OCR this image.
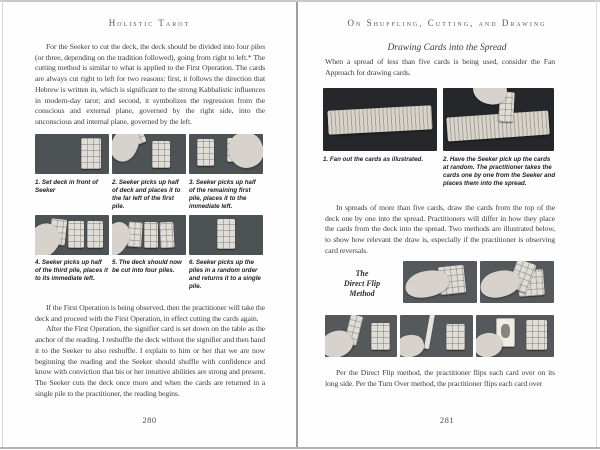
Holistic Tarot

For the Seeker to cut the deck, the deck should be divided into four piles (or three, depending on the tradition followed), going from right to left.* The cutting method is similar to what is applied to the First Operation. The cards are always cut right to left for two reasons: first, it follows the direction that Hebrew is written in, which is significant to the strong Kabbalistic influences in modern-day tarot; and second, it symbolizes the regression from the conscious and external plane, governed by the right side, into the unconscious and internal plane, governed by the left.

1. Set deck in front of Seeker
2. Seeker picks up half of deck and places it to the far left of the first pile.
3. Seeker picks up half of the remaining first pile, places it to the immediate left.
4. Seeker picks up half of the third pile, places it to its immediate left.
5. The deck should now be cut into four piles.
6. Seeker picks up the piles in a random order and returns it to a single pile.

If the First Operation is being observed, then the practitioner will take the deck and proceed with the First Operation, in effect cutting the cards again.

After the First Operation, the signifier card is set down on the table as the anchor of the reading. I reshuffle the deck without the signifier and then hand it to the Seeker to also reshuffle. I explain to him or her that we are now beginning the reading and the Seeker should shuffle with confidence and know with conviction that his or her intuitive abilities are strong and present. The Seeker cuts the deck once more and when the cards are returned in a single pile to the practitioner, the reading begins.

280
On Shuffling, Cutting, and Drawing
Drawing Cards into the Spread

When a spread of less than five cards is being used, consider the Fan Approach for drawing cards.

1. Fan out the cards as illustrated.	2. Have the Seeker pick up the cards at random. The practitioner takes the cards one by one from the Seeker and places them into the spread.

In spreads of more than five cards, draw the cards from the top of the deck one by one into the spread. Practitioners will differ in how they place the cards from the deck into the spread. Two methods are illustrated below, to show how relevant the draw is, especially if the practitioner is observing card reversals.

The
Direct Flip
Method

Per the Direct Flip method, the practitioner flips each card over on its long side. Per the Turn Over method, the practitioner flips each card over

281
